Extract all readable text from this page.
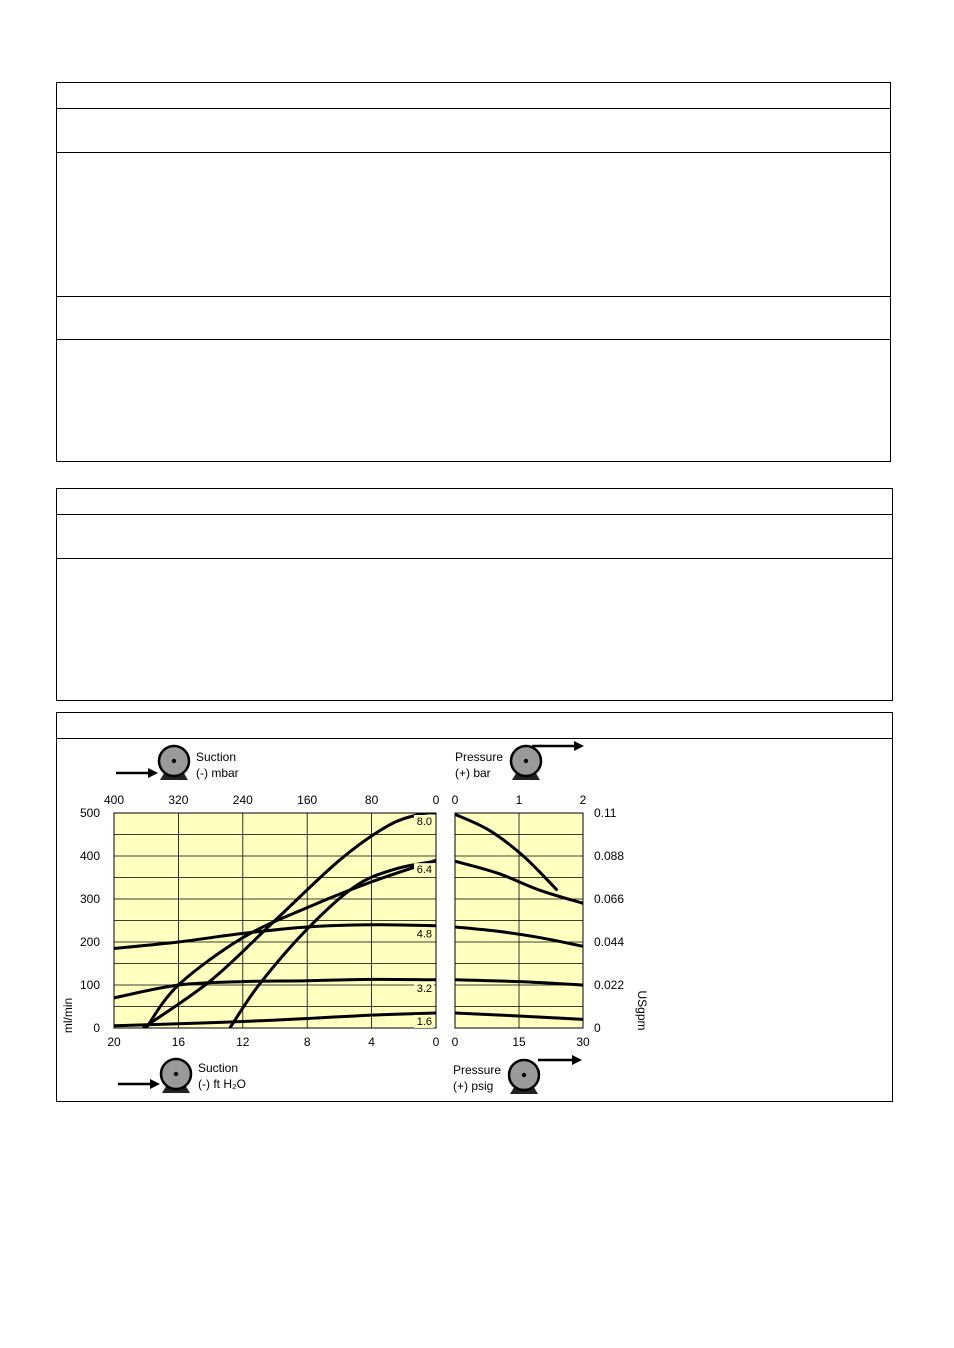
8.0
6.4
4.8
3.2
1.6
500
400
300
200
100
0
0.11
0.088
0.066
0.044
0.022
0
ml/min	USgpm
400	320	240	160	80	0
20	16	12	8	4	0
0	1	2
0	15	30
Suction
(-) mbar
Suction
(-) ft H₂O
Pressure
(+) bar
Pressure
(+) psig
